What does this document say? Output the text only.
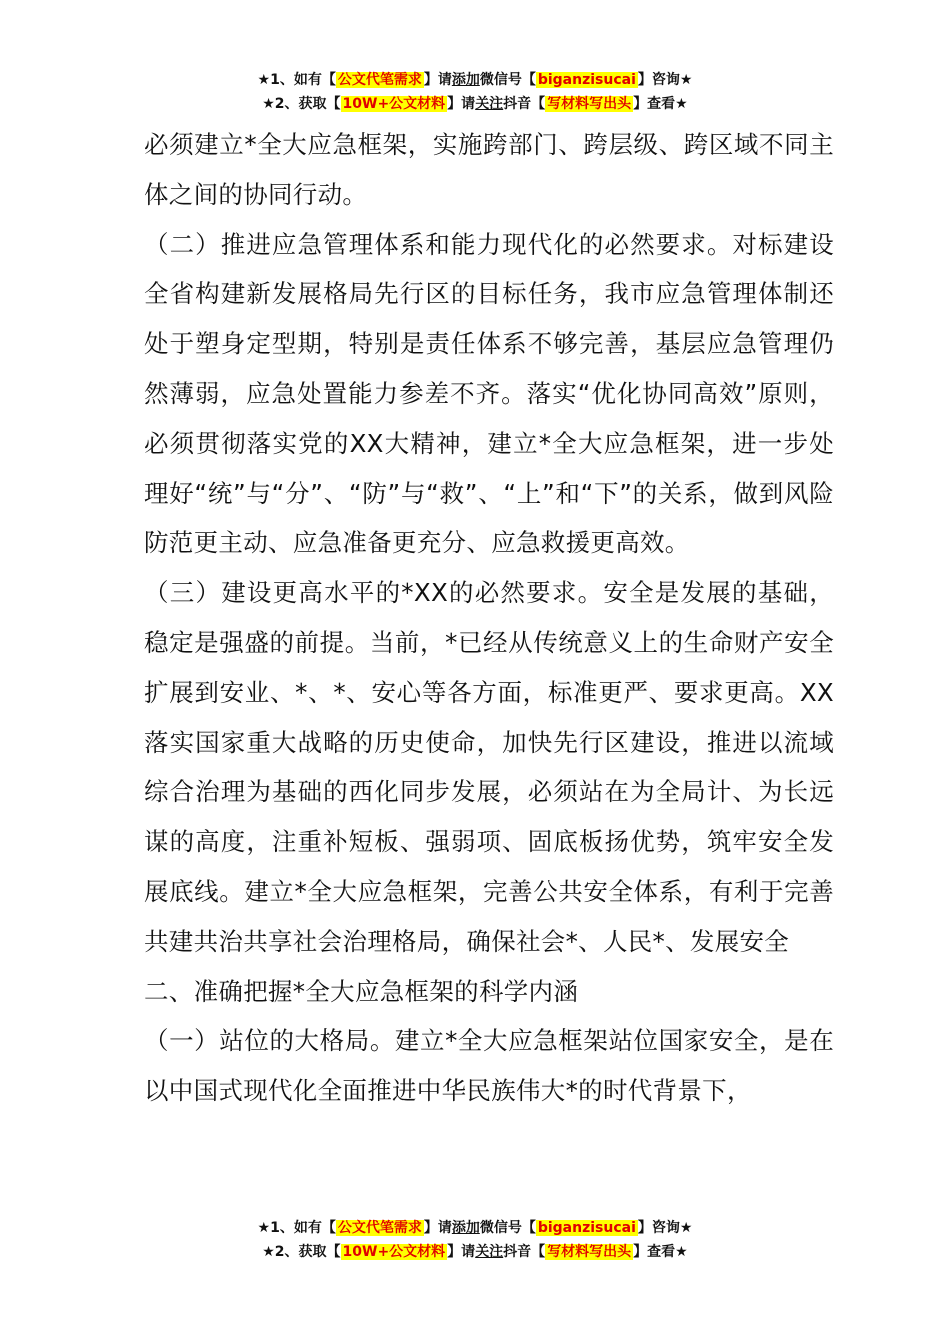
★1、如有【 公文代笔需求 】请添加微信号【 biganzisucai 】咨询★
★2、获取【 10W+公文材料 】请关注抖音【 写材料写出头 】查看★

必须建立*全大应急框架，实施跨部门、跨层级、跨区域不同主体之间的协同行动。

（二）推进应急管理体系和能力现代化的必然要求。对标建设全省构建新发展格局先行区的目标任务，我市应急管理体制还处于塑身定型期，特别是责任体系不够完善，基层应急管理仍然薄弱，应急处置能力参差不齐。落实“优化协同高效”原则，必须贯彻落实党的XX大精神，建立*全大应急框架，进一步处理好“统”与“分”、“防”与“救”、“上”和“下”的关系，做到风险防范更主动、应急准备更充分、应急救援更高效。

（三）建设更高水平的*XX的必然要求。安全是发展的基础，稳定是强盛的前提。当前，*已经从传统意义上的生命财产安全扩展到安业、*、*、安心等各方面，标准更严、要求更高。XX落实国家重大战略的历史使命，加快先行区建设，推进以流域综合治理为基础的西化同步发展，必须站在为全局计、为长远谋的高度，注重补短板、强弱项、固底板扬优势，筑牢安全发展底线。建立*全大应急框架，完善公共安全体系，有利于完善共建共治共享社会治理格局，确保社会*、人民*、发展安全

二、准确把握*全大应急框架的科学内涵

（一）站位的大格局。建立*全大应急框架站位国家安全，是在以中国式现代化全面推进中华民族伟大*的时代背景下，

★1、如有【 公文代笔需求 】请添加微信号【 biganzisucai 】咨询★
★2、获取【 10W+公文材料 】请关注抖音【 写材料写出头 】查看★
